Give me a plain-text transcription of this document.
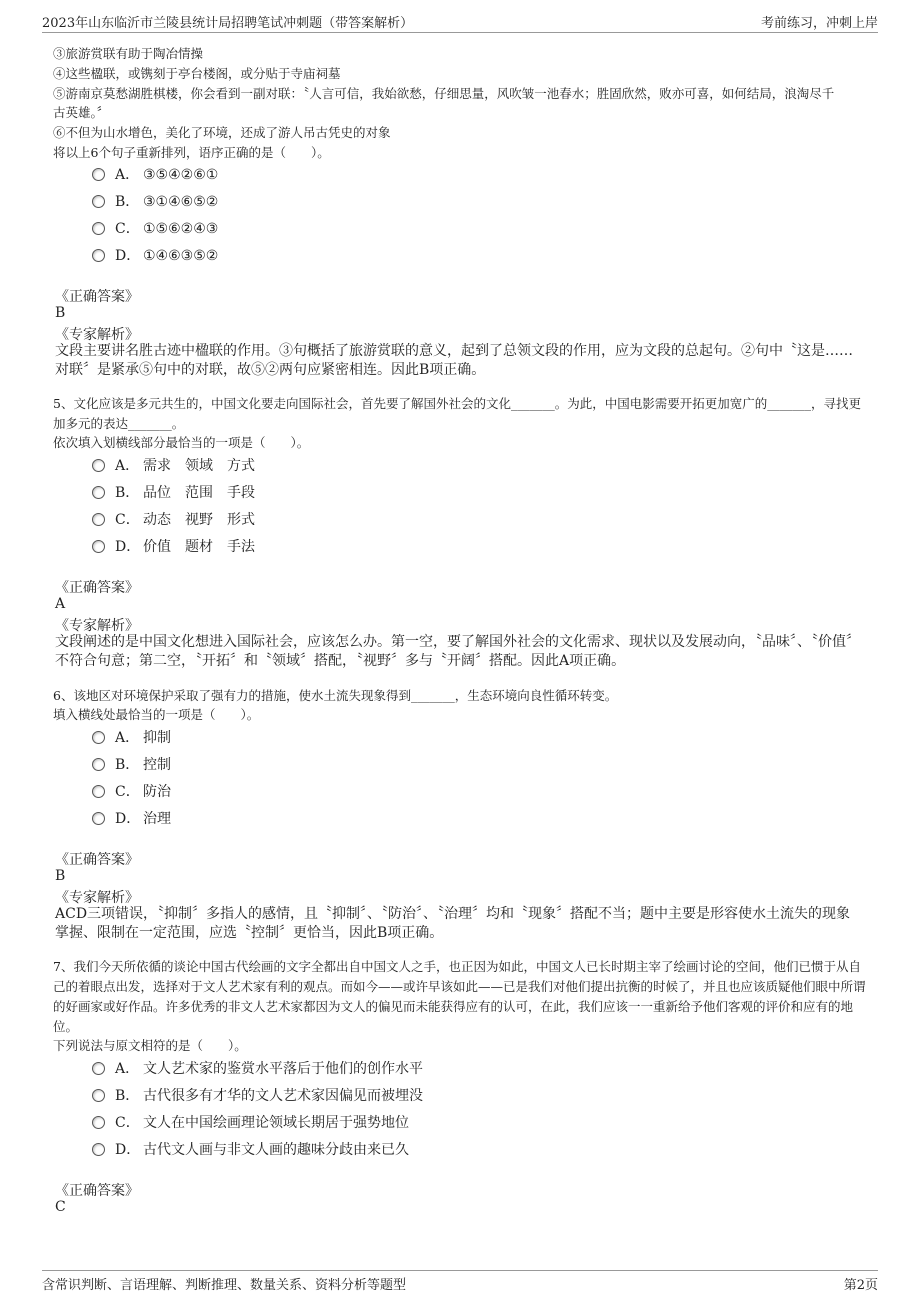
2023年山东临沂市兰陵县统计局招聘笔试冲刺题（带答案解析）	考前练习，冲刺上岸
③旅游赏联有助于陶冶情操
④这些楹联，或镌刻于亭台楼阁，或分贴于寺庙祠墓
⑤游南京莫愁湖胜棋楼，你会看到一副对联：〝人言可信，我始欲愁，仔细思量，风吹皱一池春水；胜固欣然，败亦可喜，如何结局，浪淘尽千
古英雄。〞
⑥不但为山水增色，美化了环境，还成了游人吊古凭史的对象
将以上6个句子重新排列，语序正确的是（　　）。
A． ③⑤④②⑥①
B． ③①④⑥⑤②
C． ①⑤⑥②④③
D． ①④⑥③⑤②
《正确答案》
B
《专家解析》
文段主要讲名胜古迹中楹联的作用。③句概括了旅游赏联的意义，起到了总领文段的作用，应为文段的总起句。②句中〝这是……对联〞是紧承⑤句中的对联，故⑤②两句应紧密相连。因此B项正确。
5、文化应该是多元共生的，中国文化要走向国际社会，首先要了解国外社会的文化_______。为此，中国电影需要开拓更加宽广的_______，寻找更加多元的表达_______。
依次填入划横线部分最恰当的一项是（　　）。
A． 需求　领域　方式
B． 品位　范围　手段
C． 动态　视野　形式
D． 价值　题材　手法
《正确答案》
A
《专家解析》
文段阐述的是中国文化想进入国际社会，应该怎么办。第一空，要了解国外社会的文化需求、现状以及发展动向，〝品味〞、〝价值〞不符合句意；第二空，〝开拓〞和〝领域〞搭配，〝视野〞多与〝开阔〞搭配。因此A项正确。
6、该地区对环境保护采取了强有力的措施，使水土流失现象得到_______，生态环境向良性循环转变。
填入横线处最恰当的一项是（　　）。
A． 抑制
B． 控制
C． 防治
D． 治理
《正确答案》
B
《专家解析》
ACD三项错误，〝抑制〞多指人的感情，且〝抑制〞、〝防治〞、〝治理〞均和〝现象〞搭配不当；题中主要是形容使水土流失的现象掌握、限制在一定范围，应选〝控制〞更恰当，因此B项正确。
7、我们今天所依循的谈论中国古代绘画的文字全都出自中国文人之手，也正因为如此，中国文人已长时期主宰了绘画讨论的空间，他们已惯于从自己的着眼点出发，选择对于文人艺术家有利的观点。而如今——或许早该如此——已是我们对他们提出抗衡的时候了，并且也应该质疑他们眼中所谓的好画家或好作品。许多优秀的非文人艺术家都因为文人的偏见而未能获得应有的认可，在此，我们应该一一重新给予他们客观的评价和应有的地位。
下列说法与原文相符的是（　　）。
A． 文人艺术家的鉴赏水平落后于他们的创作水平
B． 古代很多有才华的文人艺术家因偏见而被埋没
C． 文人在中国绘画理论领域长期居于强势地位
D． 古代文人画与非文人画的趣味分歧由来已久
《正确答案》
C
含常识判断、言语理解、判断推理、数量关系、资料分析等题型	第2页
